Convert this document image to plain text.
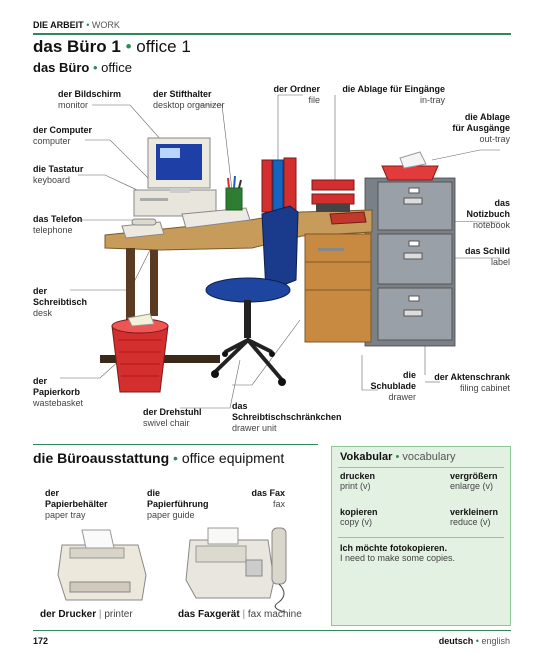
DIE ARBEIT • WORK
das Büro 1 • office 1
das Büro • office
der Bildschirm
monitor
der Stifthalter
desktop organizer
der Ordner
file
die Ablage für Eingänge
in-tray
die Ablage
für Ausgänge
out-tray
der Computer
computer
die Tastatur
keyboard
das Telefon
telephone
das
Notizbuch
notebook
das Schild
label
der
Schreibtisch
desk
der
Papierkorb
wastebasket
die
Schublade
drawer
der Aktenschrank
filing cabinet
der Drehstuhl
swivel chair
das
Schreibtischschränkchen
drawer unit
die Büroausstattung • office equipment
der
Papierbehälter
paper tray
die
Papierführung
paper guide
das Fax
fax
der Drucker | printer	das Faxgerät | fax machine
Vokabular • vocabulary
drucken
print (v)
vergrößern
enlarge (v)
kopieren
copy (v)
verkleinern
reduce (v)
Ich möchte fotokopieren.
I need to make some copies.
172	deutsch • english
